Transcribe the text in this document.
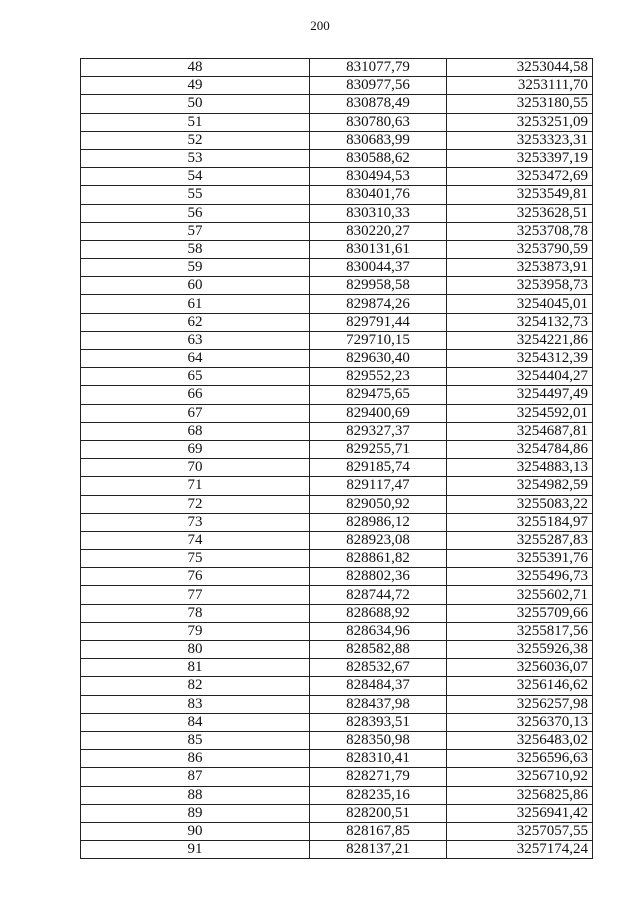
200
48	831077,79	3253044,58
49	830977,56	3253111,70
50	830878,49	3253180,55
51	830780,63	3253251,09
52	830683,99	3253323,31
53	830588,62	3253397,19
54	830494,53	3253472,69
55	830401,76	3253549,81
56	830310,33	3253628,51
57	830220,27	3253708,78
58	830131,61	3253790,59
59	830044,37	3253873,91
60	829958,58	3253958,73
61	829874,26	3254045,01
62	829791,44	3254132,73
63	729710,15	3254221,86
64	829630,40	3254312,39
65	829552,23	3254404,27
66	829475,65	3254497,49
67	829400,69	3254592,01
68	829327,37	3254687,81
69	829255,71	3254784,86
70	829185,74	3254883,13
71	829117,47	3254982,59
72	829050,92	3255083,22
73	828986,12	3255184,97
74	828923,08	3255287,83
75	828861,82	3255391,76
76	828802,36	3255496,73
77	828744,72	3255602,71
78	828688,92	3255709,66
79	828634,96	3255817,56
80	828582,88	3255926,38
81	828532,67	3256036,07
82	828484,37	3256146,62
83	828437,98	3256257,98
84	828393,51	3256370,13
85	828350,98	3256483,02
86	828310,41	3256596,63
87	828271,79	3256710,92
88	828235,16	3256825,86
89	828200,51	3256941,42
90	828167,85	3257057,55
91	828137,21	3257174,24
